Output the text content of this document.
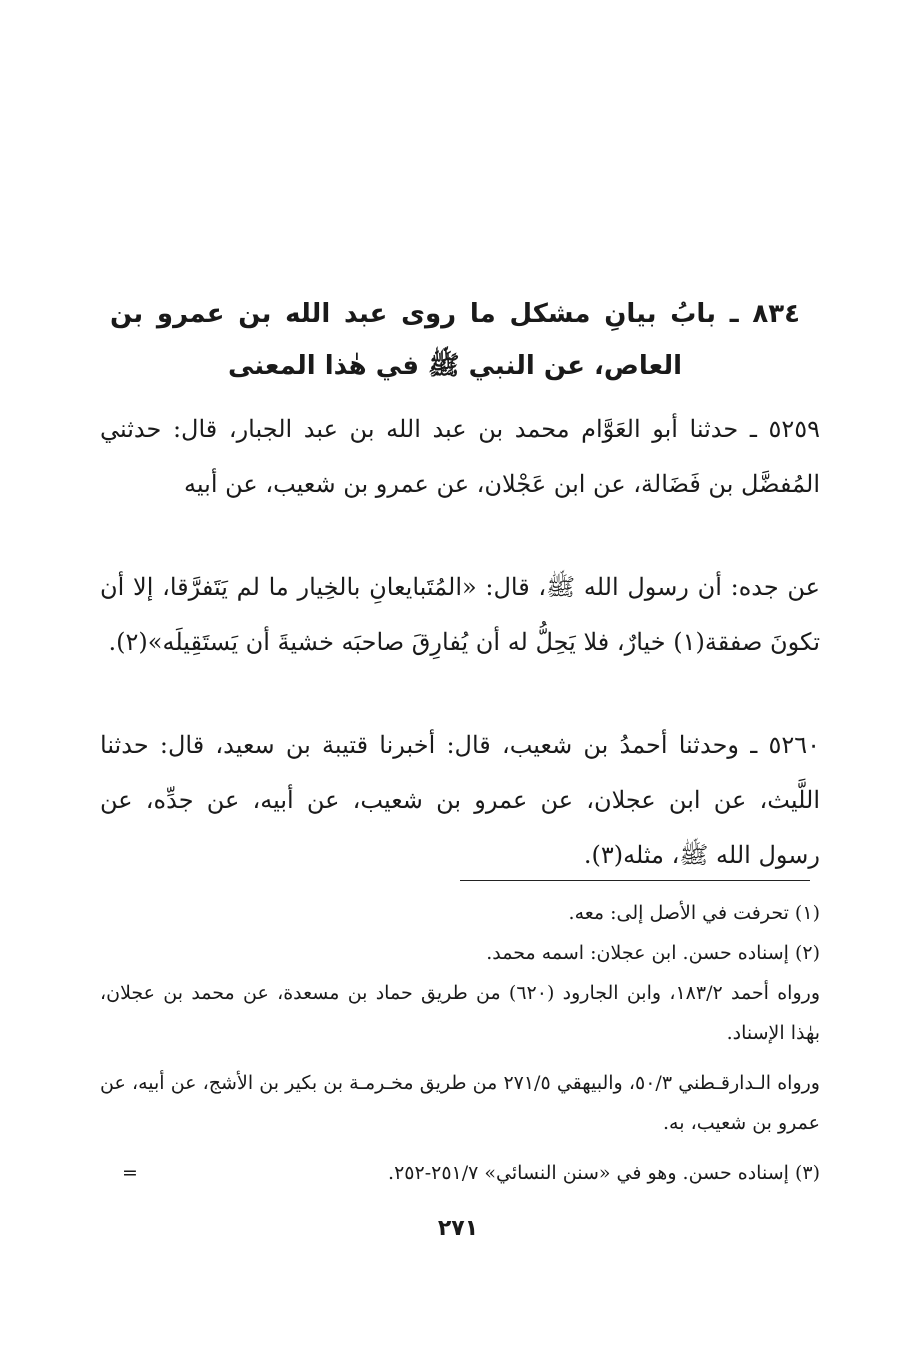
٨٣٤ ـ بابُ بيانِ مشكل ما روى عبد الله بن عمرو بن
العاص، عن النبي ﷺ في هٰذا المعنى

٥٢٥٩ ـ حدثنا أبو العَوَّام محمد بن عبد الله بن عبد الجبار، قال: حدثني المُفضَّل بن فَضَالة، عن ابن عَجْلان، عن عمرو بن شعيب، عن أبيه

عن جده: أن رسول الله ﷺ، قال: «المُتَبايعانِ بالخِيار ما لم يَتَفرَّقا، إلا أن تكونَ صفقة(١) خيارٌ، فلا يَحِلُّ له أن يُفارِقَ صاحبَه خشيةَ أن يَستَقِيلَه»(٢).

٥٢٦٠ ـ وحدثنا أحمدُ بن شعيب، قال: أخبرنا قتيبة بن سعيد، قال: حدثنا اللَّيث، عن ابن عجلان، عن عمرو بن شعيب، عن أبيه، عن جدِّه، عن رسول الله ﷺ، مثله(٣).

(١) تحرفت في الأصل إلى: معه.

(٢) إسناده حسن. ابن عجلان: اسمه محمد.

ورواه أحمد ١٨٣/٢، وابن الجارود (٦٢٠) من طريق حماد بن مسعدة، عن محمد بن عجلان، بهٰذا الإسناد.

ورواه الـدارقـطني ٥٠/٣، والبيهقي ٢٧١/٥ من طريق مخـرمـة بن بكير بن الأشج، عن أبيه، عن عمرو بن شعيب، به.

(٣) إسناده حسن. وهو في «سنن النسائي» ٢٥١/٧-٢٥٢.

=
٢٧١
